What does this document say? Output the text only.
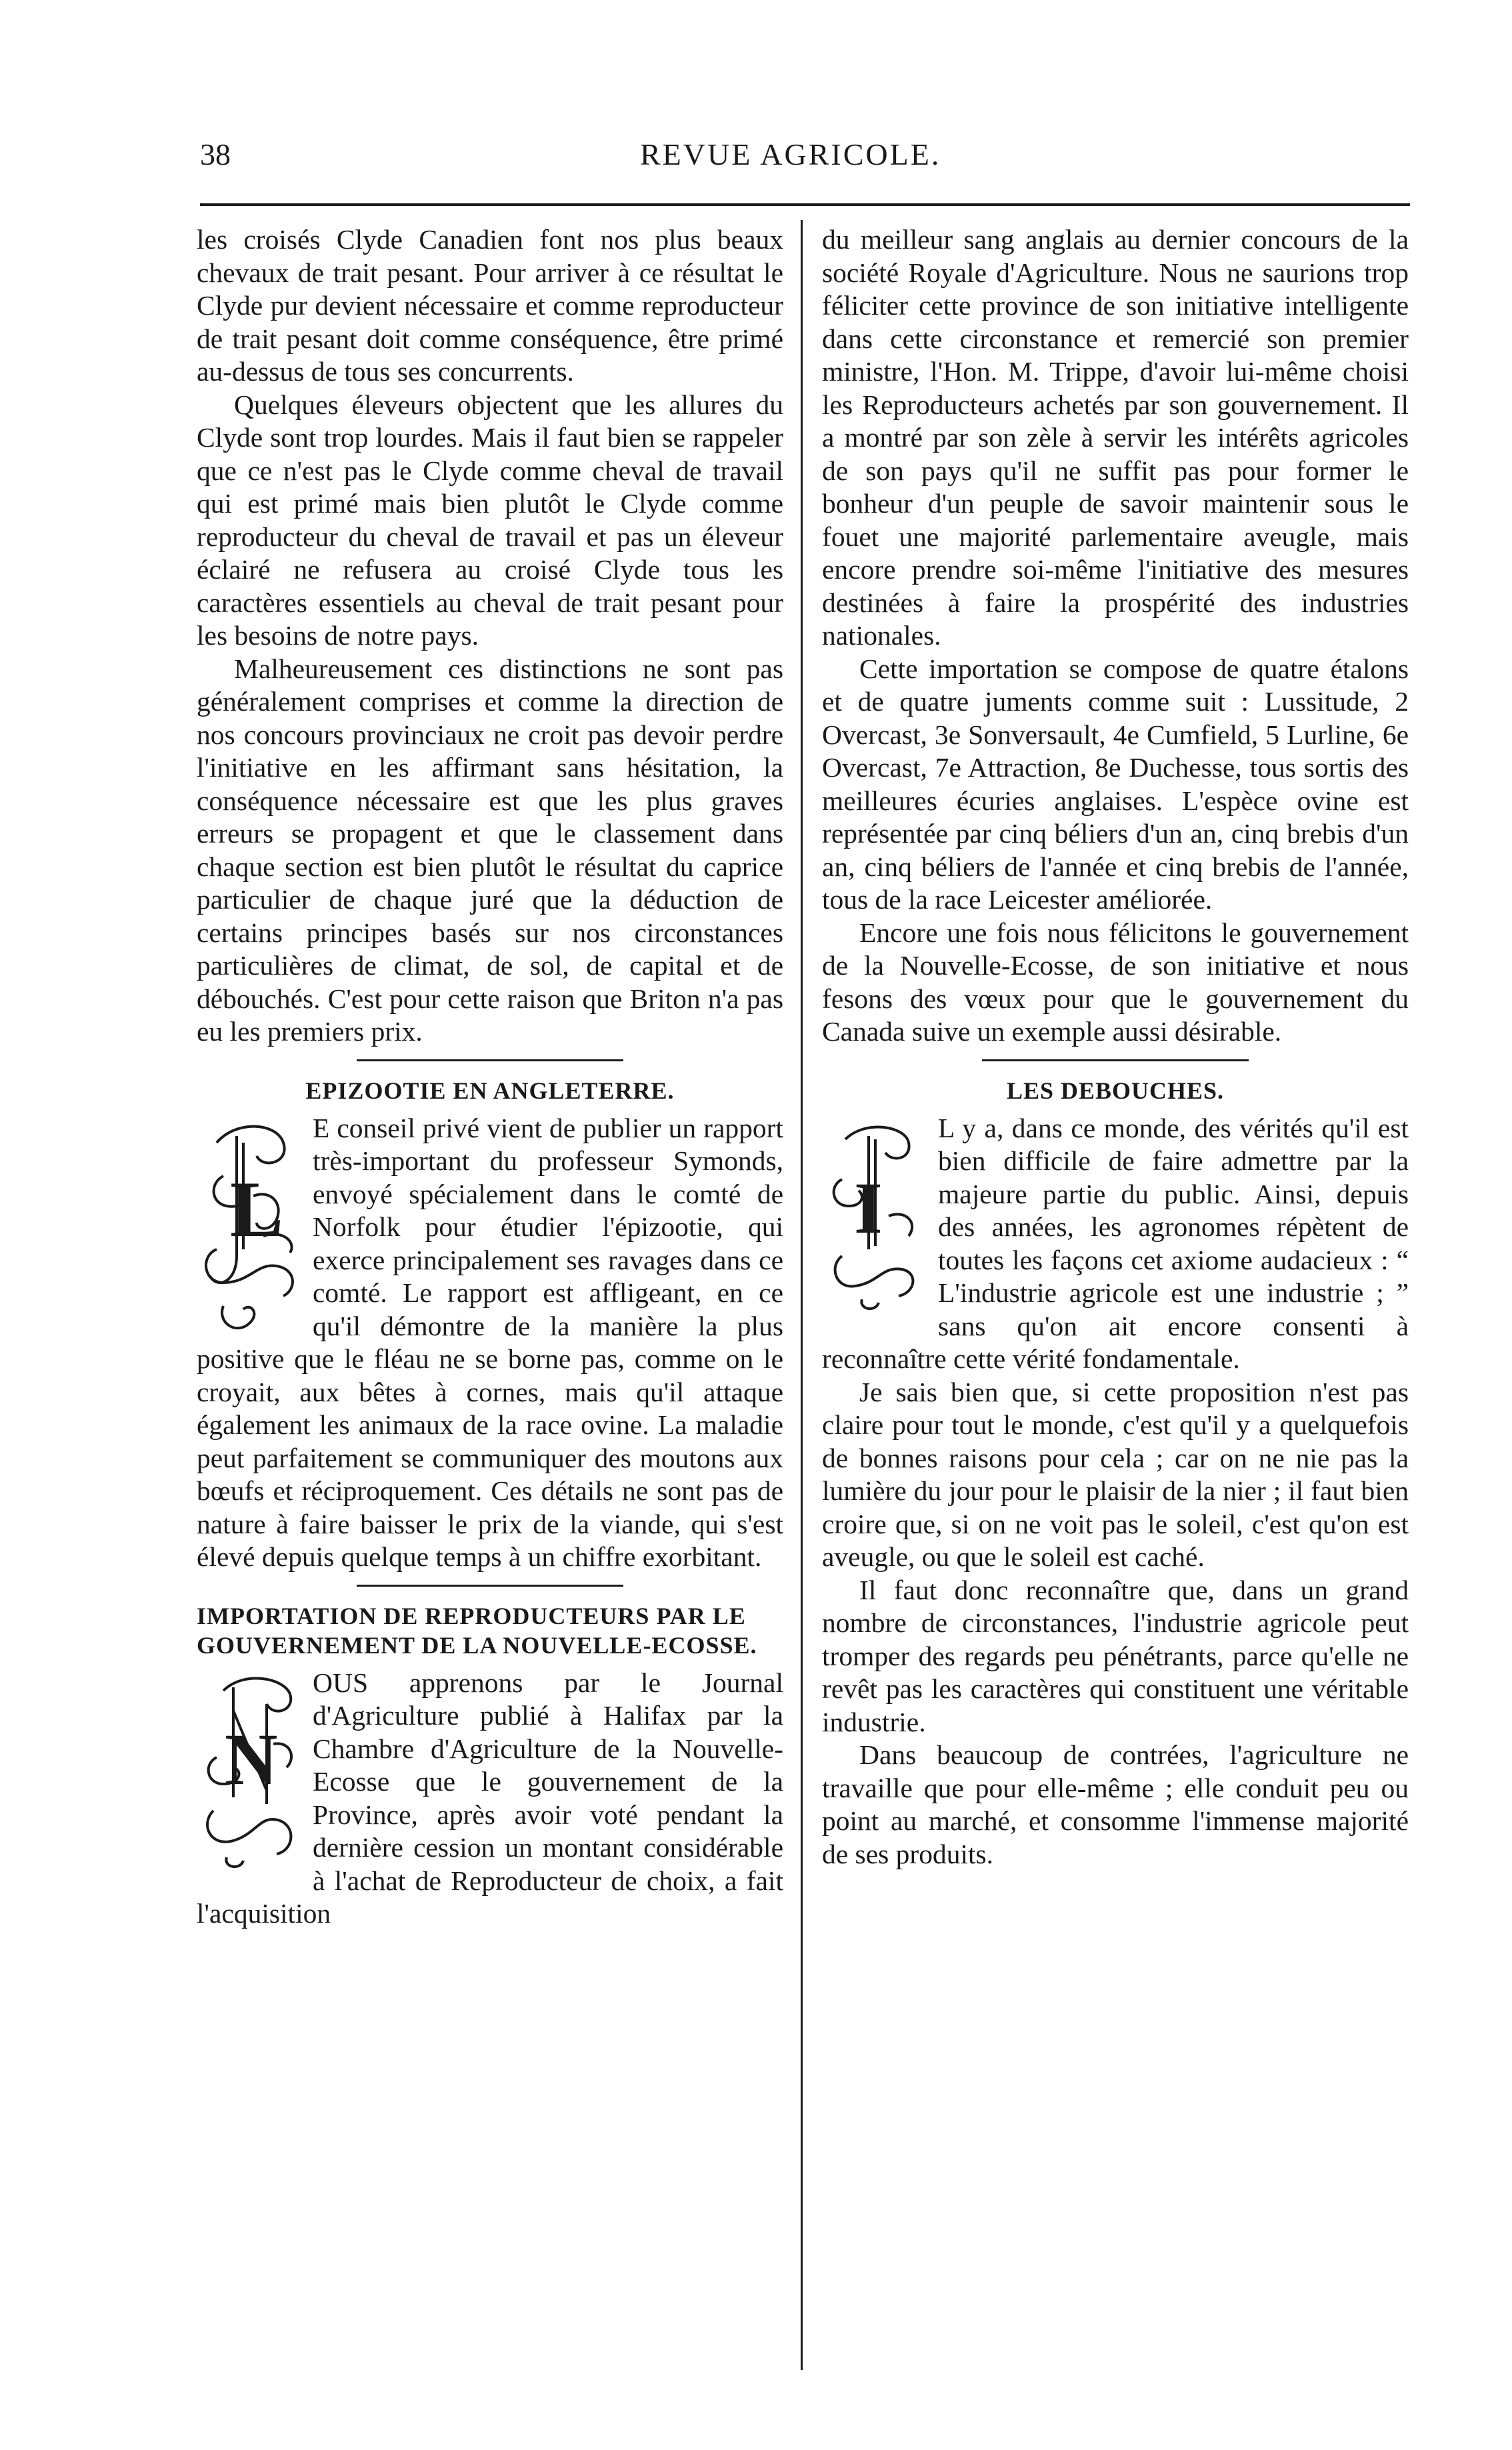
38	REVUE AGRICOLE.

les croisés Clyde Canadien font nos plus beaux chevaux de trait pesant. Pour arriver à ce résultat le Clyde pur devient nécessaire et comme reproducteur de trait pesant doit comme conséquence, être primé au-dessus de tous ses concurrents.

Quelques éleveurs objectent que les allures du Clyde sont trop lourdes. Mais il faut bien se rappeler que ce n'est pas le Clyde comme cheval de travail qui est primé mais bien plutôt le Clyde comme reproducteur du cheval de travail et pas un éleveur éclairé ne refusera au croisé Clyde tous les caractères essentiels au cheval de trait pesant pour les besoins de notre pays.

Malheureusement ces distinctions ne sont pas généralement comprises et comme la direction de nos concours provinciaux ne croit pas devoir perdre l'initiative en les affirmant sans hésitation, la conséquence nécessaire est que les plus graves erreurs se propagent et que le classement dans chaque section est bien plutôt le résultat du caprice particulier de chaque juré que la déduction de certains principes basés sur nos circonstances particulières de climat, de sol, de capital et de débouchés. C'est pour cette raison que Briton n'a pas eu les premiers prix.

EPIZOOTIE EN ANGLETERRE.
L

E conseil privé vient de publier un rapport très-important du professeur Symonds, envoyé spécialement dans le comté de Norfolk pour étudier l'épizootie, qui exerce principalement ses ravages dans ce comté. Le rapport est affligeant, en ce qu'il démontre de la manière la plus positive que le fléau ne se borne pas, comme on le croyait, aux bêtes à cornes, mais qu'il attaque également les animaux de la race ovine. La maladie peut parfaitement se communiquer des moutons aux bœufs et réciproquement. Ces détails ne sont pas de nature à faire baisser le prix de la viande, qui s'est élevé depuis quelque temps à un chiffre exorbitant.

IMPORTATION DE REPRODUCTEURS PAR LE GOUVERNEMENT DE LA NOUVELLE-ECOSSE.
N

OUS apprenons par le Journal d'Agriculture publié à Halifax par la Chambre d'Agriculture de la Nouvelle-Ecosse que le gouvernement de la Province, après avoir voté pendant la dernière cession un montant considérable à l'achat de Reproducteur de choix, a fait l'acquisition

du meilleur sang anglais au dernier concours de la société Royale d'Agriculture. Nous ne saurions trop féliciter cette province de son initiative intelligente dans cette circonstance et remercié son premier ministre, l'Hon. M. Trippe, d'avoir lui-même choisi les Reproducteurs achetés par son gouvernement. Il a montré par son zèle à servir les intérêts agricoles de son pays qu'il ne suffit pas pour former le bonheur d'un peuple de savoir maintenir sous le fouet une majorité parlementaire aveugle, mais encore prendre soi-même l'initiative des mesures destinées à faire la prospérité des industries nationales.

Cette importation se compose de quatre étalons et de quatre juments comme suit : Lussitude, 2 Overcast, 3e Sonversault, 4e Cumfield, 5 Lurline, 6e Overcast, 7e Attraction, 8e Duchesse, tous sortis des meilleures écuries anglaises. L'espèce ovine est représentée par cinq béliers d'un an, cinq brebis d'un an, cinq béliers de l'année et cinq brebis de l'année, tous de la race Leicester améliorée.

Encore une fois nous félicitons le gouvernement de la Nouvelle-Ecosse, de son initiative et nous fesons des vœux pour que le gouvernement du Canada suive un exemple aussi désirable.

LES DEBOUCHES.
I

L y a, dans ce monde, des vérités qu'il est bien difficile de faire admettre par la majeure partie du public. Ainsi, depuis des années, les agronomes répètent de toutes les façons cet axiome audacieux : “ L'industrie agricole est une industrie ; ” sans qu'on ait encore consenti à reconnaître cette vérité fondamentale.

Je sais bien que, si cette proposition n'est pas claire pour tout le monde, c'est qu'il y a quelquefois de bonnes raisons pour cela ; car on ne nie pas la lumière du jour pour le plaisir de la nier ; il faut bien croire que, si on ne voit pas le soleil, c'est qu'on est aveugle, ou que le soleil est caché.

Il faut donc reconnaître que, dans un grand nombre de circonstances, l'industrie agricole peut tromper des regards peu pénétrants, parce qu'elle ne revêt pas les caractères qui constituent une véritable industrie.

Dans beaucoup de contrées, l'agriculture ne travaille que pour elle-même ; elle conduit peu ou point au marché, et consomme l'immense majorité de ses produits.
